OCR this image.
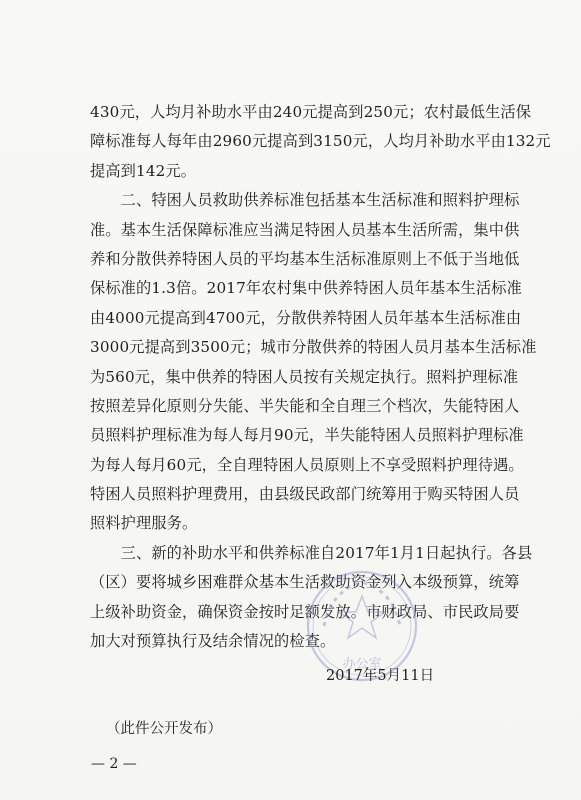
430元，人均月补助水平由240元提高到250元；农村最低生活保
障标准每人每年由2960元提高到3150元，人均月补助水平由132元
提高到142元。
　　二、特困人员救助供养标准包括基本生活标准和照料护理标
准。基本生活保障标准应当满足特困人员基本生活所需，集中供
养和分散供养特困人员的平均基本生活标准原则上不低于当地低
保标准的1.3倍。2017年农村集中供养特困人员年基本生活标准
由4000元提高到4700元，分散供养特困人员年基本生活标准由
3000元提高到3500元；城市分散供养的特困人员月基本生活标准
为560元，集中供养的特困人员按有关规定执行。照料护理标准
按照差异化原则分失能、半失能和全自理三个档次，失能特困人
员照料护理标准为每人每月90元，半失能特困人员照料护理标准
为每人每月60元，全自理特困人员原则上不享受照料护理待遇。
特困人员照料护理费用，由县级民政部门统筹用于购买特困人员
照料护理服务。
　　三、新的补助水平和供养标准自2017年1月1日起执行。各县
（区）要将城乡困难群众基本生活救助资金列入本级预算，统筹
上级补助资金，确保资金按时足额发放。市财政局、市民政局要
加大对预算执行及结余情况的检查。
办公室
2017年5月11日
（此件公开发布）
— 2 —
